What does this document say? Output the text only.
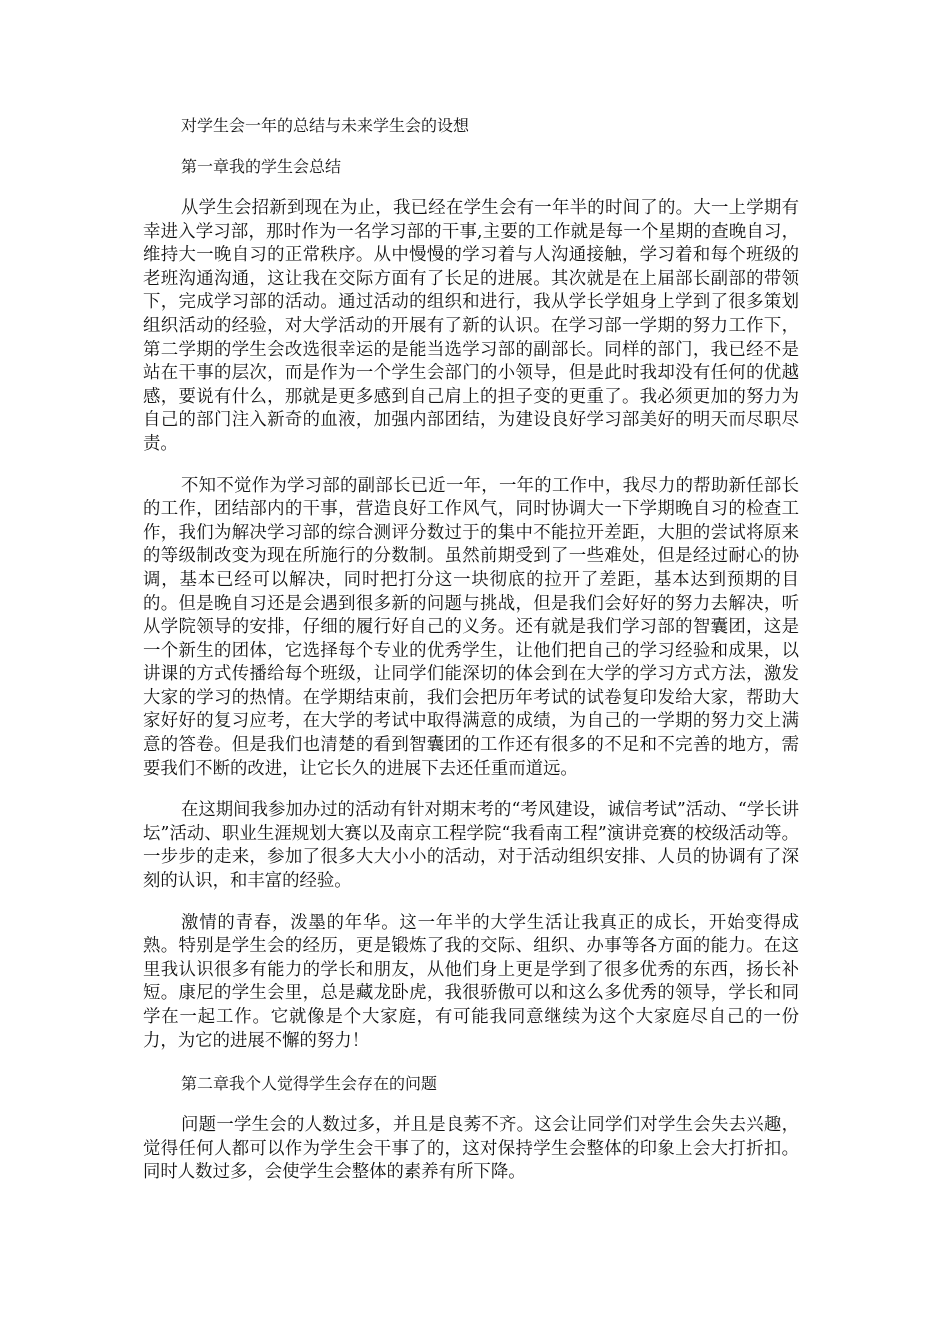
对学生会一年的总结与未来学生会的设想

第一章我的学生会总结

从学生会招新到现在为止，我已经在学生会有一年半的时间了的。大一上学期有幸进入学习部，那时作为一名学习部的干事,主要的工作就是每一个星期的查晚自习，维持大一晚自习的正常秩序。从中慢慢的学习着与人沟通接触，学习着和每个班级的老班沟通沟通，这让我在交际方面有了长足的进展。其次就是在上届部长副部的带领下，完成学习部的活动。通过活动的组织和进行，我从学长学姐身上学到了很多策划组织活动的经验，对大学活动的开展有了新的认识。在学习部一学期的努力工作下，第二学期的学生会改选很幸运的是能当选学习部的副部长。同样的部门，我已经不是站在干事的层次，而是作为一个学生会部门的小领导，但是此时我却没有任何的优越感，要说有什么，那就是更多感到自己肩上的担子变的更重了。我必须更加的努力为自己的部门注入新奇的血液，加强内部团结，为建设良好学习部美好的明天而尽职尽责。

不知不觉作为学习部的副部长已近一年，一年的工作中，我尽力的帮助新任部长的工作，团结部内的干事，营造良好工作风气，同时协调大一下学期晚自习的检查工作，我们为解决学习部的综合测评分数过于的集中不能拉开差距，大胆的尝试将原来的等级制改变为现在所施行的分数制。虽然前期受到了一些难处，但是经过耐心的协调，基本已经可以解决，同时把打分这一块彻底的拉开了差距，基本达到预期的目的。但是晚自习还是会遇到很多新的问题与挑战，但是我们会好好的努力去解决，听从学院领导的安排，仔细的履行好自己的义务。还有就是我们学习部的智囊团，这是一个新生的团体，它选择每个专业的优秀学生，让他们把自己的学习经验和成果，以讲课的方式传播给每个班级，让同学们能深切的体会到在大学的学习方式方法，激发大家的学习的热情。在学期结束前，我们会把历年考试的试卷复印发给大家，帮助大家好好的复习应考，在大学的考试中取得满意的成绩，为自己的一学期的努力交上满意的答卷。但是我们也清楚的看到智囊团的工作还有很多的不足和不完善的地方，需要我们不断的改进，让它长久的进展下去还任重而道远。

在这期间我参加办过的活动有针对期末考的“考风建设，诚信考试”活动、“学长讲坛”活动、职业生涯规划大赛以及南京工程学院“我看南工程”演讲竞赛的校级活动等。一步步的走来，参加了很多大大小小的活动，对于活动组织安排、人员的协调有了深刻的认识，和丰富的经验。

激情的青春，泼墨的年华。这一年半的大学生活让我真正的成长，开始变得成熟。特别是学生会的经历，更是锻炼了我的交际、组织、办事等各方面的能力。在这里我认识很多有能力的学长和朋友，从他们身上更是学到了很多优秀的东西，扬长补短。康尼的学生会里，总是藏龙卧虎，我很骄傲可以和这么多优秀的领导，学长和同学在一起工作。它就像是个大家庭，有可能我同意继续为这个大家庭尽自己的一份力，为它的进展不懈的努力！

第二章我个人觉得学生会存在的问题

问题一学生会的人数过多，并且是良莠不齐。这会让同学们对学生会失去兴趣，觉得任何人都可以作为学生会干事了的，这对保持学生会整体的印象上会大打折扣。同时人数过多，会使学生会整体的素养有所下降。
